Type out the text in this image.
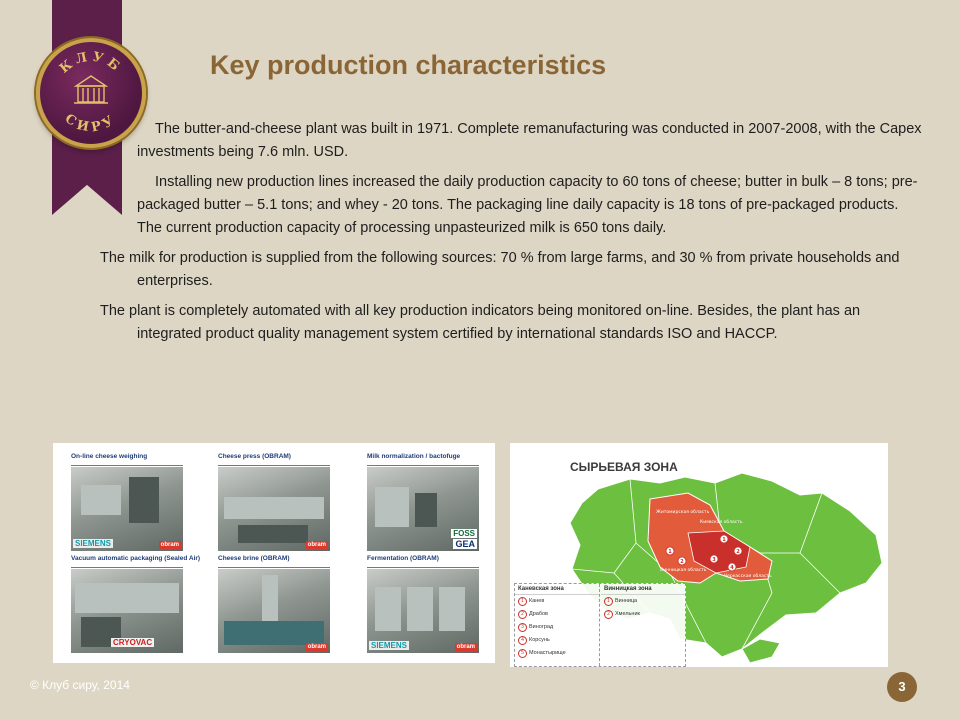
КЛУБ
СИРУ
Key production characteristics

The butter-and-cheese plant was built in 1971. Complete remanufacturing was conducted in 2007-2008, with the Capex investments being 7.6 mln. USD.

Installing new production lines increased the daily production capacity to 60 tons of cheese; butter in bulk – 8 tons; pre-packaged butter – 5.1 tons; and whey - 20 tons. The packaging line daily capacity is 18 tons of pre-packaged products. The current production capacity of processing unpasteurized milk is 650 tons daily.

The milk for production is supplied from the following sources: 70 % from large farms, and 30 % from private households and enterprises.

The plant is completely automated with all key production indicators being monitored on-line. Besides, the plant has an integrated product quality management system certified by international standards ISO and HACCP.

On-line cheese weighing
SIEMENS	obram
Cheese press (OBRAM)
obram
Milk normalization / bactofuge
FOSS
GEA
Vacuum automatic packaging (Sealed Air)
CRYOVAC
Cheese brine (OBRAM)
obram
Fermentation (OBRAM)
SIEMENS	obram
СЫРЬЕВАЯ ЗОНА
Житомирская область
Киевская область
Винницкая область
Черкасская область
1
2
3
4
1
2
Каневская зона
1 Канев
2 Драбов
3 Виноград
4 Корсунь
5 Монастырище
Винницкая зона
1 Винница
2 Хмельник
© Клуб сиру, 2014	3
